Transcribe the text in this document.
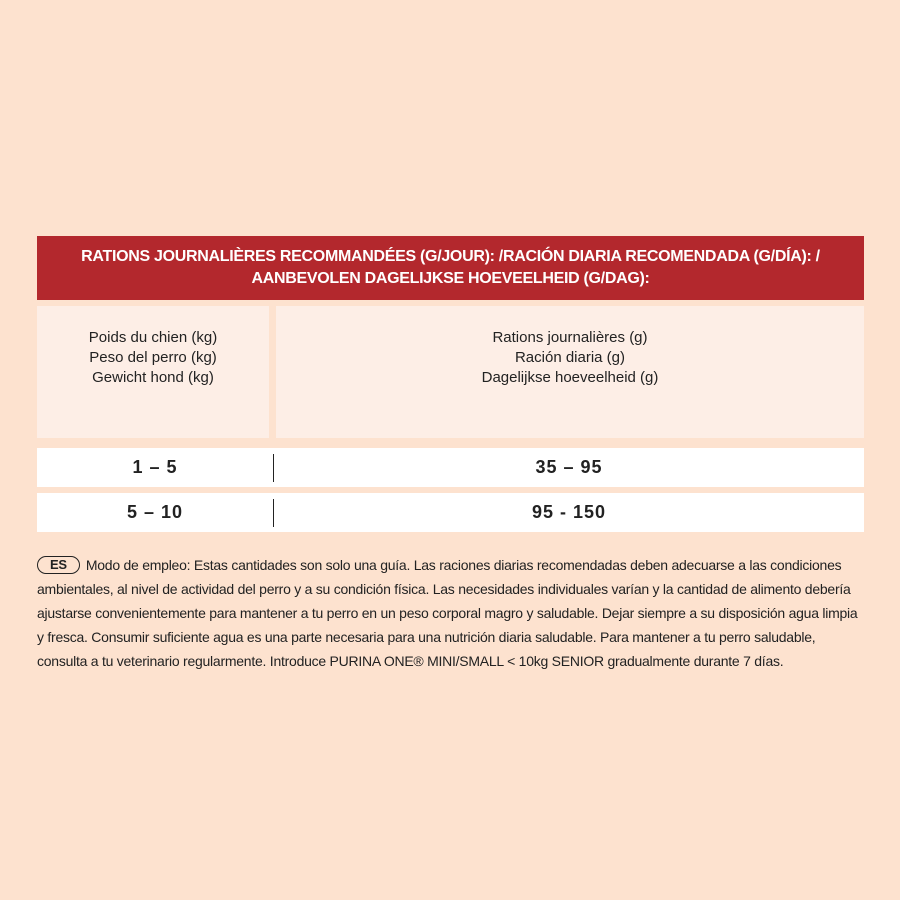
RATIONS JOURNALIÈRES RECOMMANDÉES (G/JOUR): /RACIÓN DIARIA RECOMENDADA (G/DÍA): /
AANBEVOLEN DAGELIJKSE HOEVEELHEID (G/DAG):
Poids du chien (kg)
Peso del perro (kg)
Gewicht hond (kg)
Rations journalières (g)
Ración diaria (g)
Dagelijkse hoeveelheid (g)
1 – 5	35 – 95
5 – 10	95 - 150
ES Modo de empleo: Estas cantidades son solo una guía. Las raciones diarias recomendadas deben adecuarse a las condiciones ambientales, al nivel de actividad del perro y a su condición física. Las necesidades individuales varían y la cantidad de alimento debería ajustarse convenientemente para mantener a tu perro en un peso corporal magro y saludable. Dejar siempre a su disposición agua limpia y fresca. Consumir suficiente agua es una parte necesaria para una nutrición diaria saludable. Para mantener a tu perro saludable, consulta a tu veterinario regularmente. Introduce PURINA ONE® MINI/SMALL < 10kg SENIOR gradualmente durante 7 días.
